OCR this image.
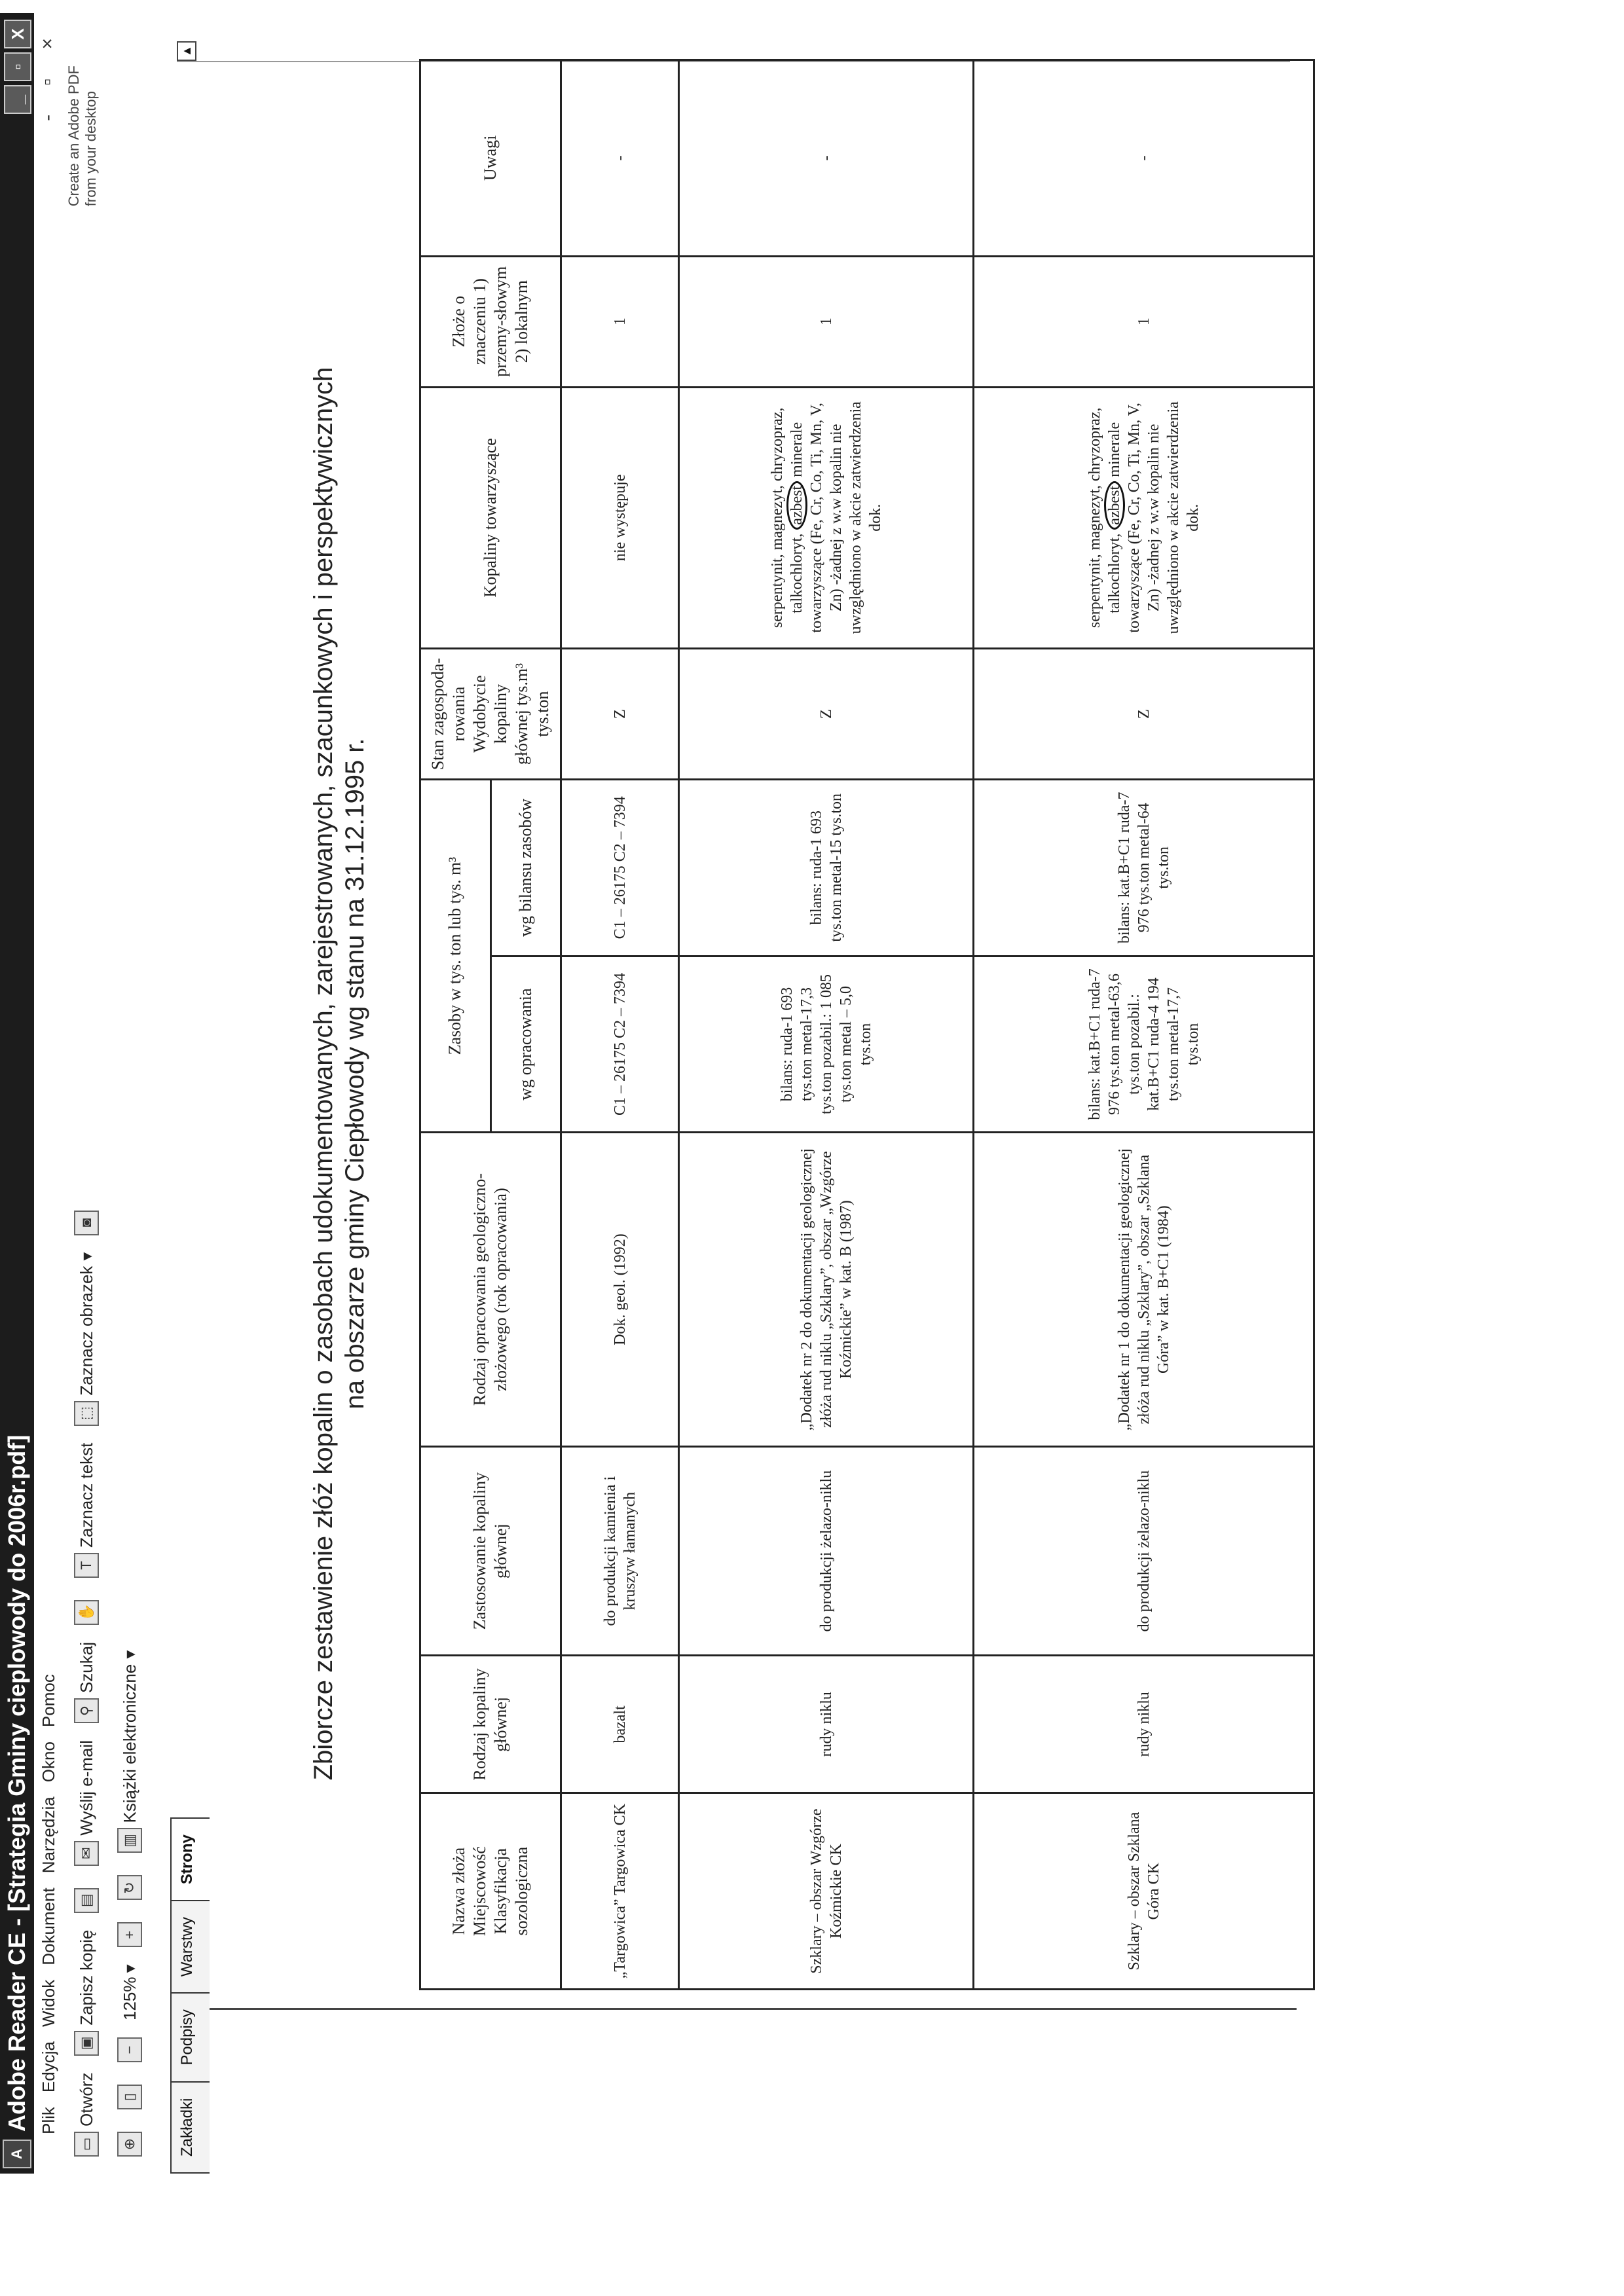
A
Adobe Reader CE - [Strategia Gminy cieplowody do 2006r.pdf]
_
▫
X
Plik
Edycja
Widok
Dokument
Narzędzia
Okno
Pomoc
- ▫ ×
▭
Otwórz
▣
Zapisz kopię
▤
✉
Wyślij e-mail
⚲
Szukaj
✋
T
Zaznacz tekst
⬚
Zaznacz obrazek
▾
◙
Create an Adobe PDF from your desktop
⊕
▯
−
125%
▾
+
↻
▥
Książki elektroniczne
▾
Zakładki
Podpisy
Warstwy
Strony
▲
Zbiorcze zestawienie złóż kopalin o zasobach udokumentowanych, zarejestrowanych, szacunkowych i perspektywicznych na obszarze gminy Ciepłowody wg stanu na 31.12.1995 r.
Nazwa złoża Miejscowość Klasyfikacja sozologiczna	Rodzaj kopaliny głównej	Zastosowanie kopaliny głównej	Rodzaj opracowania geologiczno-złożowego (rok opracowania)	Zasoby w tys. ton lub tys. m³		Stan zagospoda-rowania Wydobycie kopaliny głównej tys.m³ tys.ton	Kopaliny towarzyszące	Złoże o znaczeniu 1) przemy-słowym 2) lokalnym	Uwagi
				wg opracowania	wg bilansu zasobów				
„Targowica” Targowica CK	bazalt	do produkcji kamienia i kruszyw łamanych	Dok. geol. (1992)	C1 – 26175 C2 – 7394	C1 – 26175 C2 – 7394	Z	nie występuje	1	-
Szklary – obszar Wzgórze Koźmickie CK	rudy niklu	do produkcji żelazo-niklu	„Dodatek nr 2 do dokumentacji geologicznej złóża rud niklu „Szklary”, obszar „Wzgórze Koźmickie” w kat. B (1987)	bilans: ruda-1 693 tys.ton metal-17,3 tys.ton pozabil.: 1 085 tys.ton metal – 5,0 tys.ton	bilans: ruda-1 693 tys.ton metal-15 tys.ton	Z	serpentynit, magnezyt, chryzopraz, talkochloryt, azbest minerale towarzyszące (Fe, Cr, Co, Ti, Mn, V, Zn) -żadnej z w.w kopalin nie uwzględniono w akcie zatwierdzenia dok.	1	-
Szklary – obszar Szklana Góra CK	rudy niklu	do produkcji żelazo-niklu	„Dodatek nr 1 do dokumentacji geologicznej złóża rud niklu „Szklary”, obszar „Szklana Góra” w kat. B+C1 (1984)	bilans: kat.B+C1 ruda-7 976 tys.ton metal-63,6 tys.ton pozabil.: kat.B+C1 ruda-4 194 tys.ton metal-17,7 tys.ton	bilans: kat.B+C1 ruda-7 976 tys.ton metal-64 tys.ton	Z	serpentynit, magnezyt, chryzopraz, talkochloryt, azbest minerale towarzyszące (Fe, Cr, Co, Ti, Mn, V, Zn) -żadnej z w.w kopalin nie uwzględniono w akcie zatwierdzenia dok.	1	-
